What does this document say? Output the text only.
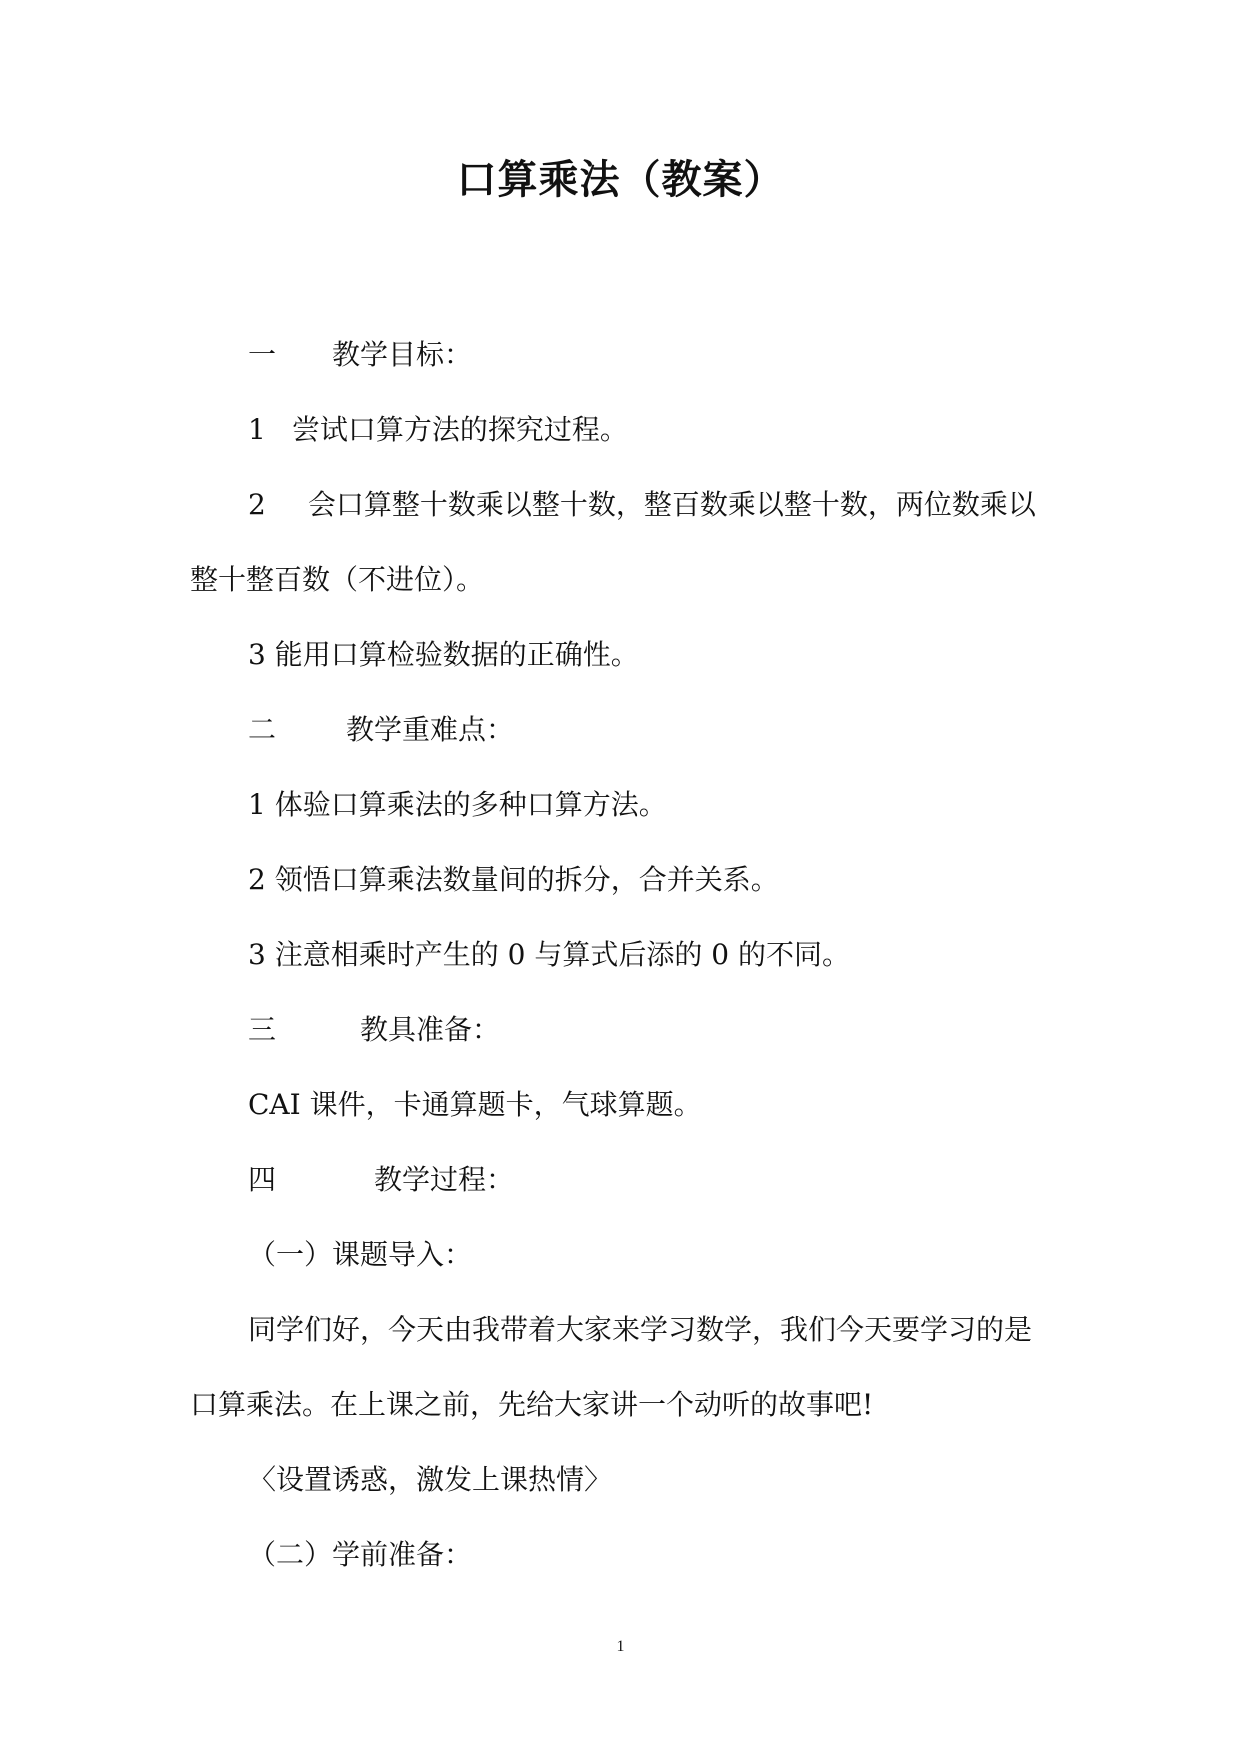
口算乘法（教案）
一 教学目标：
1 尝试口算方法的探究过程。
2 会口算整十数乘以整十数，整百数乘以整十数，两位数乘以
整十整百数（不进位）。
3 能用口算检验数据的正确性。
二	教学重难点：
1 体验口算乘法的多种口算方法。
2 领悟口算乘法数量间的拆分，合并关系。
3 注意相乘时产生的 0 与算式后添的 0 的不同。
三	教具准备：
CAI 课件，卡通算题卡，气球算题。
四	教学过程：
（一）课题导入：
同学们好，今天由我带着大家来学习数学，我们今天要学习的是
口算乘法。在上课之前，先给大家讲一个动听的故事吧!
〈设置诱惑，激发上课热情〉
（二）学前准备：
1
